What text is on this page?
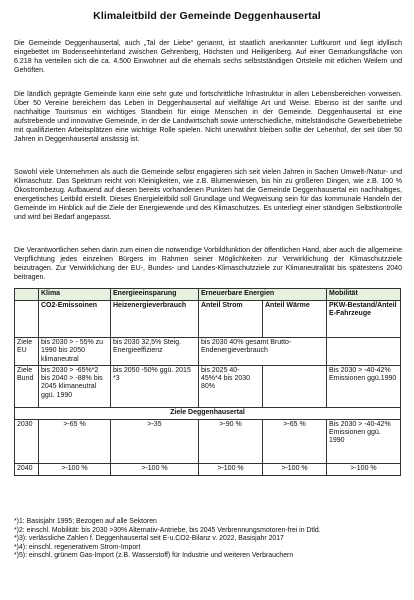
Klimaleitbild der Gemeinde Deggenhausertal
Die Gemeinde Deggenhausertal, auch „Tal der Liebe“ genannt, ist staatlich anerkannter Luftkurort und liegt idyllisch eingebettet im Bodenseehinterland zwischen Gehrenberg, Höchsten und Heiligenberg. Auf einer Gemarkungsfläche von 6.218 ha verteilen sich die ca. 4.500 Einwohner auf die ehemals sechs selbstständigen Ortsteile mit etlichen Weilern und Gehöften.
Die ländlich geprägte Gemeinde kann eine sehr gute und fortschrittliche Infrastruktur in allen Lebensbereichen vorweisen. Über 50 Vereine bereichern das Leben in Deggenhausertal auf vielfältige Art und Weise. Ebenso ist der sanfte und nachhaltige Tourismus ein wichtiges Standbein für einige Menschen in der Gemeinde. Deggenhausertal ist eine aufstrebende und innovative Gemeinde, in der die Landwirtschaft sowie unterschiedliche, mittelständische Gewerbebetriebe mit qualifizierten Arbeitsplätzen eine wichtige Rolle spielen. Nicht unerwähnt bleiben sollte der Lehenhof, der seit über 50 Jahren in Deggenhausertal ansässig ist.
Sowohl viele Unternehmen als auch die Gemeinde selbst engagieren sich seit vielen Jahren in Sachen Umwelt-/Natur- und Klimaschutz. Das Spektrum reicht von Kleinigkeiten, wie z.B. Blumenwiesen, bis hin zu größeren Dingen, wie z.B. 100 % Ökostrombezug. Aufbauend auf diesen bereits vorhandenen Punkten hat die Gemeinde Deggenhausertal ein nachhaltiges, energetisches Leitbild erstellt. Dieses Energieleitbild soll Grundlage und Wegweisung sein für das kommunale Handeln der Gemeinde im Hinblick auf die Ziele der Energiewende und des Klimaschutzes. Es unterliegt einer ständigen Selbstkontrolle und wird bei Bedarf angepasst.
Die Verantwortlichen sehen darin zum einen die notwendige Vorbildfunktion der öffentlichen Hand, aber auch die allgemeine Verpflichtung jedes einzelnen Bürgers im Rahmen seiner Möglichkeiten zur Verwirklichung der Klimaschutzziele beizutragen. Zur Verwirklichung der EU-, Bundes- und Landes-Klimaschutzziele zur Klimaneutralität bis spätestens 2040 beitragen.
	Klima	Energieeinsparung	Erneuerbare Energien		Mobilität
	CO2-Emissoinen	Heizenergieverbrauch	Anteil Strom	Anteil Wärme	PKW-Bestand/Anteil E-Fahrzeuge
Ziele EU	bis 2030 > - 55% zu 1990 bis 2050 klimaneutral	bis 2030 32,5% Steig. Energieeffizienz	bis 2030 40% gesamt Brutto-Endenergieverbrauch		
Ziele Bund	bis 2030 > -65%*2 bis 2040 > -88% bis 2045 klimaneutral ggü. 1990	bis 2050 -50% ggü. 2015 *3	bis 2025 40-45%*4 bis 2030 80%		Bis 2030 > -40-42% Emissionen ggü.1990
Ziele Deggenhausertal					
2030	>-65 %	>-35	>-90 %	>-65 %	Bis 2030 > -40-42% Emissionen ggü. 1990
2040	>-100 %	>-100 %	>-100 %	>-100 %	>-100 %
*)1: Basisjahr 1995; Bezogen auf alle Sektoren
*)2: einschl. Mobilität: bis 2030 >30% Alternativ-Antriebe, bis 2045 Verbrennungsmotoren-frei in Dtld.
*)3): verlässliche Zahlen f. Deggenhausertal seit E-u.CO2-Bilanz v. 2022, Basisjahr 2017
*)4): einschl. regenerativem Strom-Import
*)5): einschl. grünem Gas-Import (z.B. Wasserstoff) für Industrie und weiteren Verbrauchern
